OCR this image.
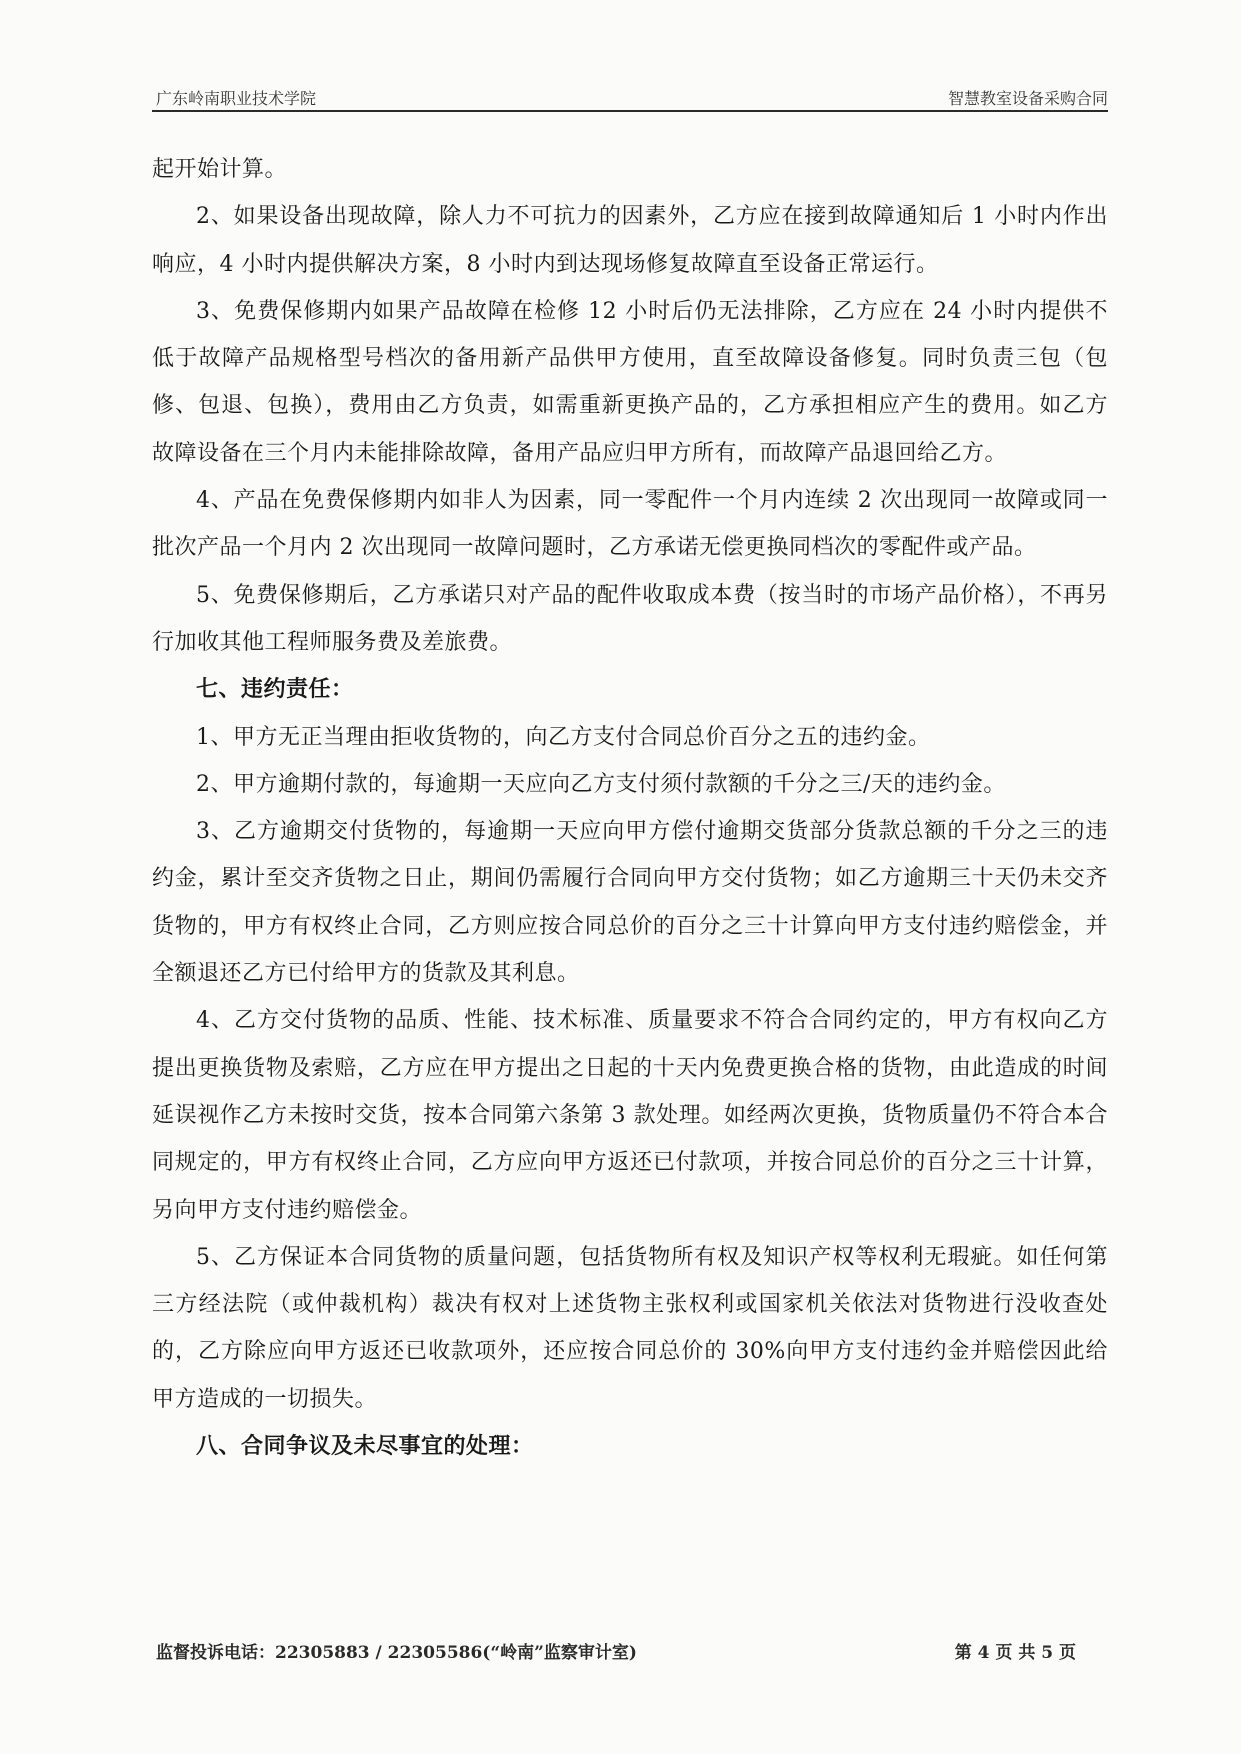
广东岭南职业技术学院	智慧教室设备采购合同

起开始计算。

2、如果设备出现故障，除人力不可抗力的因素外，乙方应在接到故障通知后 1 小时内作出响应，4 小时内提供解决方案，8 小时内到达现场修复故障直至设备正常运行。

3、免费保修期内如果产品故障在检修 12 小时后仍无法排除，乙方应在 24 小时内提供不低于故障产品规格型号档次的备用新产品供甲方使用，直至故障设备修复。同时负责三包（包修、包退、包换），费用由乙方负责，如需重新更换产品的，乙方承担相应产生的费用。如乙方故障设备在三个月内未能排除故障，备用产品应归甲方所有，而故障产品退回给乙方。

4、产品在免费保修期内如非人为因素，同一零配件一个月内连续 2 次出现同一故障或同一批次产品一个月内 2 次出现同一故障问题时，乙方承诺无偿更换同档次的零配件或产品。

5、免费保修期后，乙方承诺只对产品的配件收取成本费（按当时的市场产品价格），不再另行加收其他工程师服务费及差旅费。

七、违约责任：

1、甲方无正当理由拒收货物的，向乙方支付合同总价百分之五的违约金。

2、甲方逾期付款的，每逾期一天应向乙方支付须付款额的千分之三/天的违约金。

3、乙方逾期交付货物的，每逾期一天应向甲方偿付逾期交货部分货款总额的千分之三的违约金，累计至交齐货物之日止，期间仍需履行合同向甲方交付货物；如乙方逾期三十天仍未交齐货物的，甲方有权终止合同，乙方则应按合同总价的百分之三十计算向甲方支付违约赔偿金，并全额退还乙方已付给甲方的货款及其利息。

4、乙方交付货物的品质、性能、技术标准、质量要求不符合合同约定的，甲方有权向乙方提出更换货物及索赔，乙方应在甲方提出之日起的十天内免费更换合格的货物，由此造成的时间延误视作乙方未按时交货，按本合同第六条第 3 款处理。如经两次更换，货物质量仍不符合本合同规定的，甲方有权终止合同，乙方应向甲方返还已付款项，并按合同总价的百分之三十计算，另向甲方支付违约赔偿金。

5、乙方保证本合同货物的质量问题，包括货物所有权及知识产权等权利无瑕疵。如任何第三方经法院（或仲裁机构）裁决有权对上述货物主张权利或国家机关依法对货物进行没收查处的，乙方除应向甲方返还已收款项外，还应按合同总价的 30%向甲方支付违约金并赔偿因此给甲方造成的一切损失。

八、合同争议及未尽事宜的处理：

监督投诉电话：22305883 / 22305586(“岭南”监察审计室)	第 4 页 共 5 页
